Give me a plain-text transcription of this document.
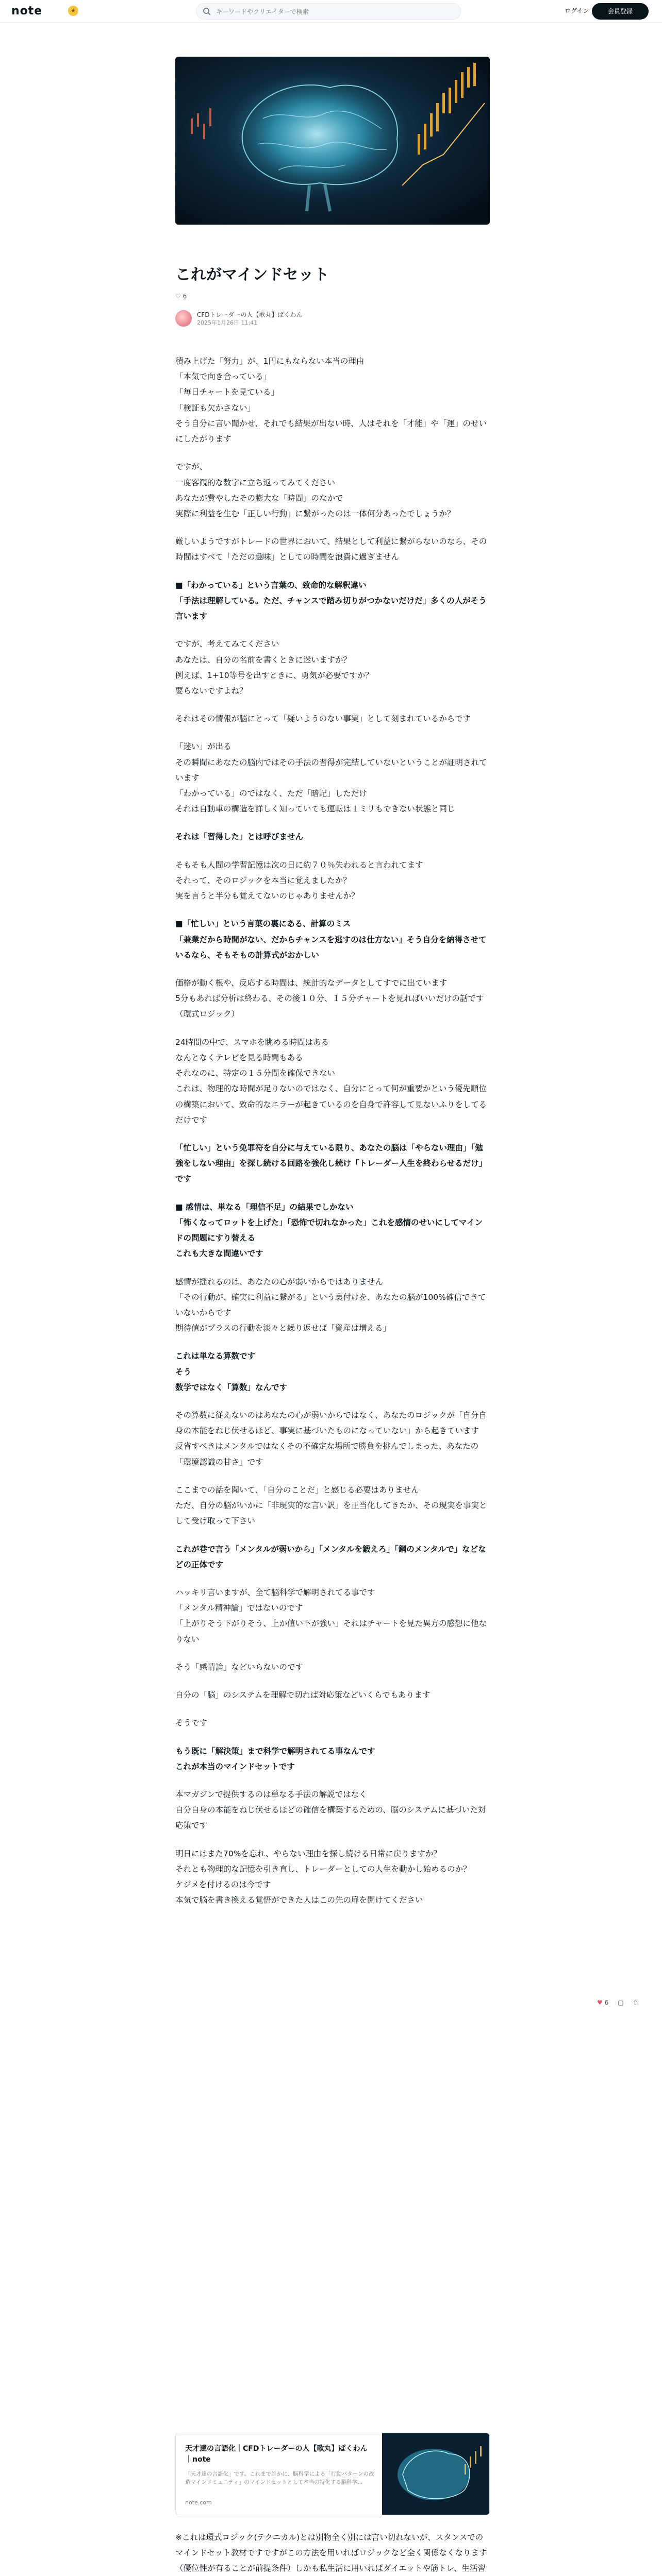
note	★
キーワードやクリエイターで検索	ログイン	会員登録
これがマインドセット
♡ 6
CFDトレーダーの人【歌丸】ぱくわん
2025年1月26日 11:41

積み上げた「努力」が、1円にもならない本当の理由
「本気で向き合っている」
「毎日チャートを見ている」
「検証も欠かさない」
そう自分に言い聞かせ、それでも結果が出ない時、人はそれを「才能」や「運」のせいにしたがります

ですが、
一度客観的な数字に立ち返ってみてください
あなたが費やしたその膨大な「時間」のなかで
実際に利益を生む「正しい行動」に繋がったのは一体何分あったでしょうか？

厳しいようですがトレードの世界において、結果として利益に繋がらないのなら、その時間はすべて「ただの趣味」としての時間を浪費に過ぎません

■「わかっている」という言葉の、致命的な解釈違い
「手法は理解している。ただ、チャンスで踏み切りがつかないだけだ」多くの人がそう言います

ですが、考えてみてください
あなたは、自分の名前を書くときに迷いますか？
例えば、1+10等号を出すときに、勇気が必要ですか？
要らないですよね？

それはその情報が脳にとって「疑いようのない事実」として刻まれているからです

「迷い」が出る
その瞬間にあなたの脳内ではその手法の習得が完結していないということが証明されています
「わかっている」のではなく、ただ「暗記」しただけ
それは自動車の構造を詳しく知っていても運転は１ミリもできない状態と同じ

それは「習得した」とは呼びません

そもそも人間の学習記憶は次の日に約７０％失われると言われてます
それって、そのロジックを本当に覚えましたか？
実を言うと半分も覚えてないのじゃありませんか？

■「忙しい」という言葉の裏にある、計算のミス
「兼業だから時間がない、だからチャンスを逃すのは仕方ない」そう自分を納得させているなら、そもそもの計算式がおかしい

価格が動く根や、反応する時間は、統計的なデータとしてすでに出ています
5分もあれば分析は終わる、その後１０分、１５分チャートを見ればいいだけの話です（環式ロジック）

24時間の中で、スマホを眺める時間はある
なんとなくテレビを見る時間もある
それなのに、特定の１５分間を確保できない
これは、物理的な時間が足りないのではなく、自分にとって何が重要かという優先順位の構築において、致命的なエラーが起きているのを自身で許容して見ないふりをしてるだけです

「忙しい」という免罪符を自分に与えている限り、あなたの脳は「やらない理由」「勉強をしない理由」を探し続ける回路を強化し続け「トレーダー人生を終わらせるだけ」です

■ 感情は、単なる「理信不足」の結果でしかない
「怖くなってロットを上げた」「恐怖で切れなかった」これを感情のせいにしてマインドの問題にすり替える
これも大きな間違いです

感情が揺れるのは、あなたの心が弱いからではありません
「その行動が、確実に利益に繋がる」という裏付けを、あなたの脳が100%確信できていないからです
期待値がプラスの行動を淡々と繰り返せば「資産は増える」

これは単なる算数です
そう
数学ではなく「算数」なんです

その算数に従えないのはあなたの心が弱いからではなく、あなたのロジックが「自分自身の本能をねじ伏せるほど、事実に基づいたものになっていない」から起きています
反省すべきはメンタルではなくその不確定な場所で勝負を挑んでしまった、あなたの「環境認識の甘さ」です

ここまでの話を聞いて、「自分のことだ」と感じる必要はありません
ただ、自分の脳がいかに「非現実的な言い訳」を正当化してきたか、その現実を事実として受け取って下さい

これが巷で言う「メンタルが弱いから」「メンタルを鍛えろ」「鋼のメンタルで」などなどの正体です

ハッキリ言いますが、全て脳科学で解明されてる事です
「メンタル精神論」ではないのです
「上がりそう下がりそう、上か値い下が強い」それはチャートを見た異方の感想に他なりない

そう「感情論」などいらないのです

自分の「脳」のシステムを理解で切れば対応策などいくらでもあります

そうです

もう既に「解決策」まで科学で解明されてる事なんです
これが本当のマインドセットです

本マガジンで提供するのは単なる手法の解説ではなく
自分自身の本能をねじ伏せるほどの確信を構築するための、脳のシステムに基づいた対応策です

明日にはまた70%を忘れ、やらない理由を探し続ける日常に戻りますか？
それとも物理的な記憶を引き直し、トレーダーとしての人生を動かし始めるのか？
ケジメを付けるのは今です
本気で脳を書き換える覚悟ができた人はこの先の扉を開けてください

♥ 6 ▢ ⇧
天才達の言語化｜CFDトレーダーの人【歌丸】ぱくわん｜note
「天才達の言語化」です。これまで誰かに、脳科学による「行動パターンの改造マインドミュニティ」のマインドセットとして本当の特化する脳科学...
note.com

※これは環式ロジック(テクニカル)とは別物全く別には言い切れないが、スタンスでのマインドセット教材ですですがこの方法を用いればロジックなど全く関係なくなります（優位性が有ることが前提条件）しかも私生活に用いればダイエットや筋トレ、生活習
